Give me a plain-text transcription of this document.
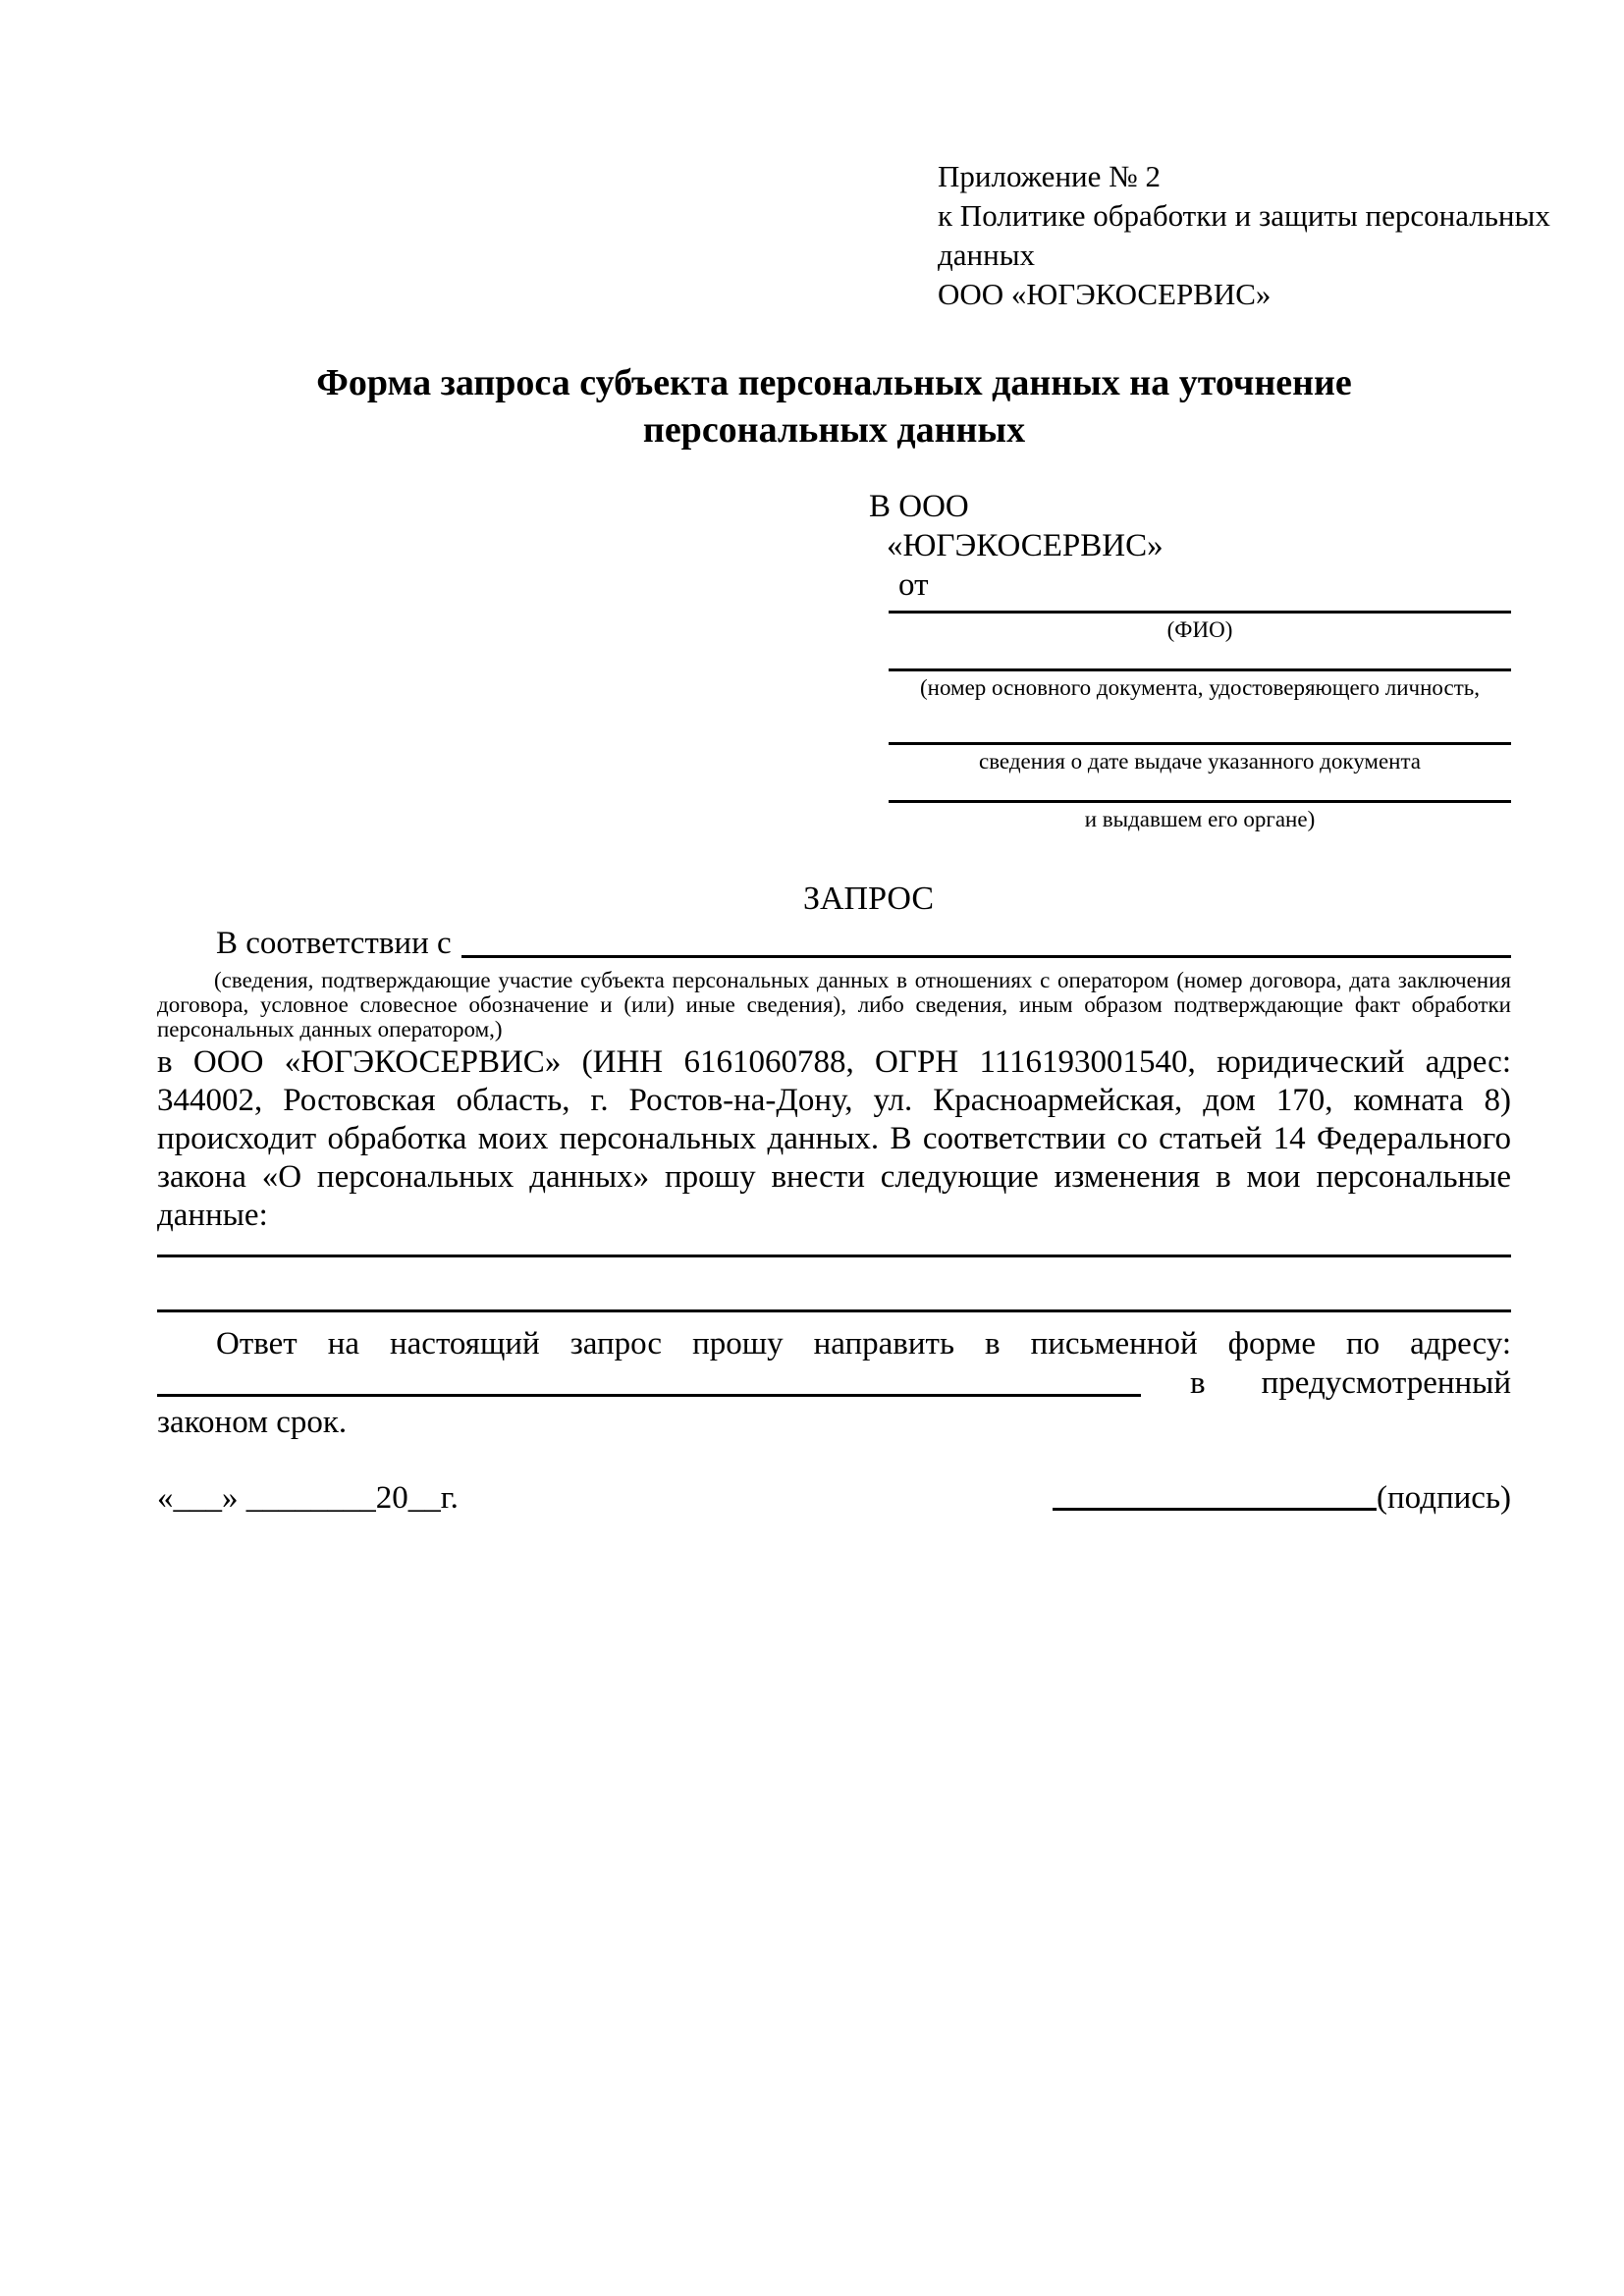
Приложение № 2
к Политике обработки и защиты персональных данных
ООО «ЮГЭКОСЕРВИС»
Форма запроса субъекта персональных данных на уточнение персональных данных
В ООО
«ЮГЭКОСЕРВИС»
от
(ФИО)
(номер основного документа, удостоверяющего личность,
сведения о дате выдаче указанного документа
и выдавшем его органе)
ЗАПРОС
В соответствии с

(сведения, подтверждающие участие субъекта персональных данных в отношениях с оператором (номер договора, дата заключения договора, условное словесное обозначение и (или) иные сведения), либо сведения, иным образом подтверждающие факт обработки персональных данных оператором,)

в ООО «ЮГЭКОСЕРВИС» (ИНН 6161060788, ОГРН 1116193001540, юридический адрес: 344002, Ростовская область, г. Ростов-на-Дону, ул. Красноармейская, дом 170, комната 8) происходит обработка моих персональных данных. В соответствии со статьей 14 Федерального закона «О персональных данных» прошу внести следующие изменения в мои персональные данные:

Ответ на настоящий запрос прошу направить в письменной форме по адресу:

в предусмотренный
законом срок.
«___» ________20__г.	(подпись)
